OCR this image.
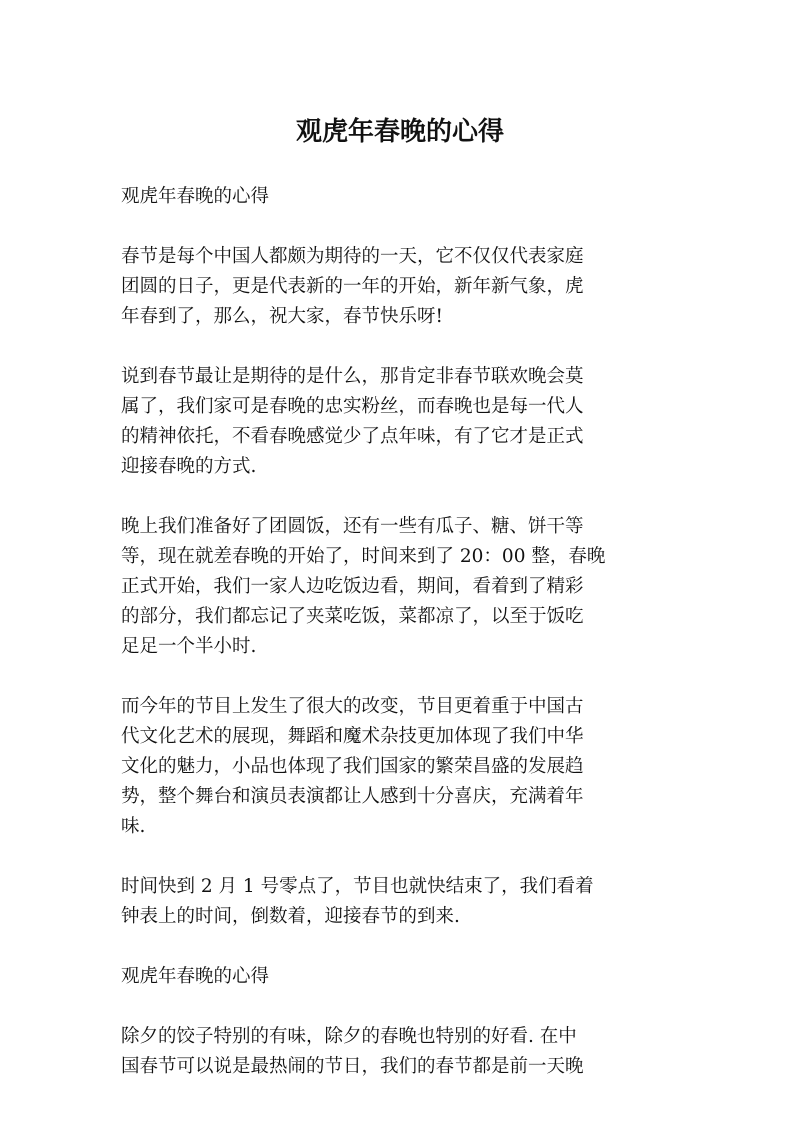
观虎年春晚的心得

观虎年春晚的心得

春节是每个中国人都颇为期待的一天，它不仅仅代表家庭
团圆的日子，更是代表新的一年的开始，新年新气象，虎
年春到了，那么，祝大家，春节快乐呀!

说到春节最让是期待的是什么，那肯定非春节联欢晚会莫
属了，我们家可是春晚的忠实粉丝，而春晚也是每一代人
的精神依托，不看春晚感觉少了点年味，有了它才是正式
迎接春晚的方式.

晚上我们准备好了团圆饭，还有一些有瓜子、糖、饼干等
等，现在就差春晚的开始了，时间来到了 20：00 整，春晚
正式开始，我们一家人边吃饭边看，期间，看着到了精彩
的部分，我们都忘记了夹菜吃饭，菜都凉了，以至于饭吃
足足一个半小时.

而今年的节目上发生了很大的改变，节目更着重于中国古
代文化艺术的展现，舞蹈和魔术杂技更加体现了我们中华
文化的魅力，小品也体现了我们国家的繁荣昌盛的发展趋
势，整个舞台和演员表演都让人感到十分喜庆，充满着年
味.

时间快到 2 月 1 号零点了，节目也就快结束了，我们看着
钟表上的时间，倒数着，迎接春节的到来.

观虎年春晚的心得

除夕的饺子特别的有味，除夕的春晚也特别的好看. 在中
国春节可以说是最热闹的节日，我们的春节都是前一天晚
